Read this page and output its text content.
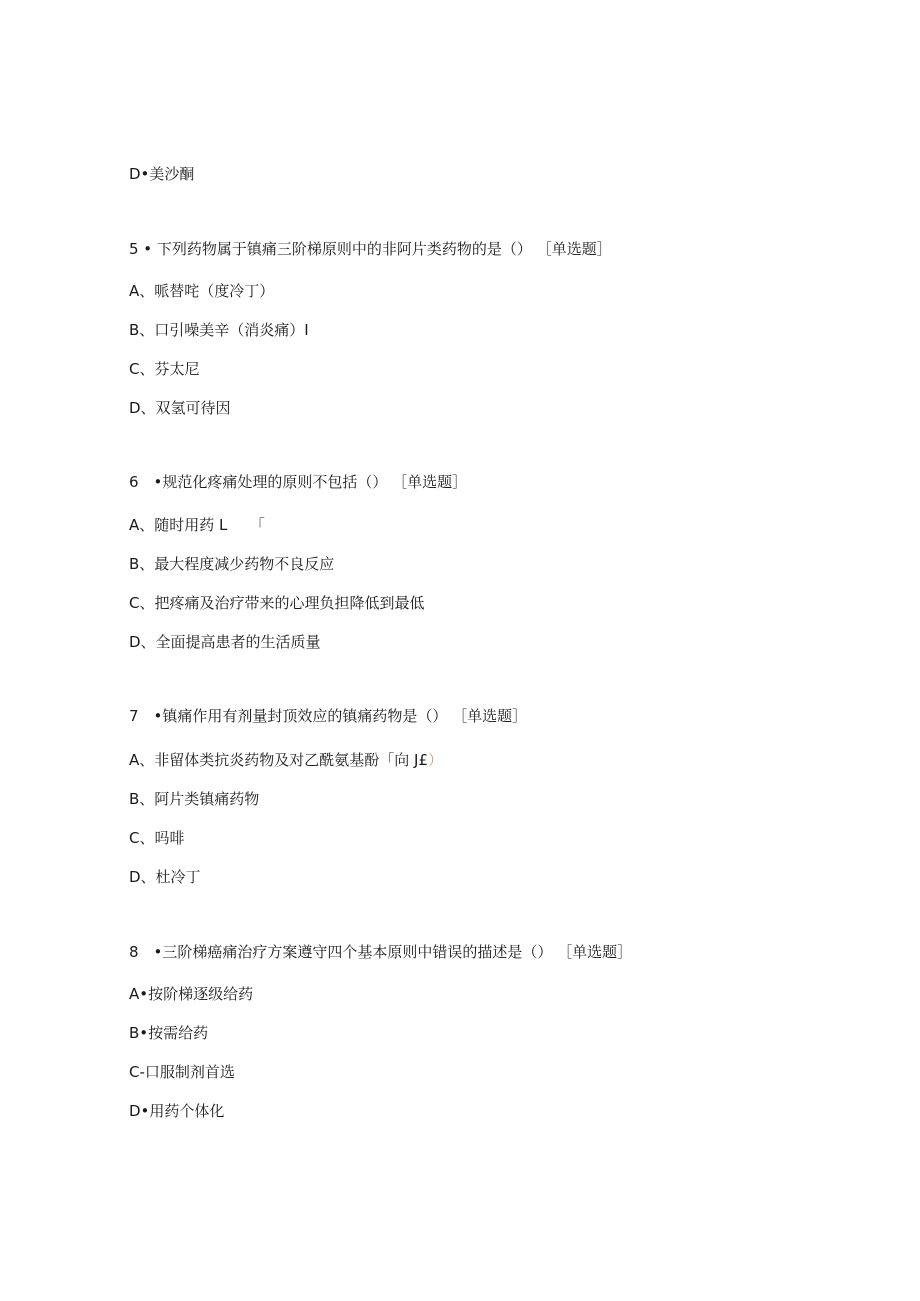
D•美沙酮
5 • 下列药物属于镇痛三阶梯原则中的非阿片类药物的是（） ［单选题］
A、哌替咤（度冷丁）
B、口引噪美辛（消炎痛）I
C、芬太尼
D、双氢可待因
6　•规范化疼痛处理的原则不包括（） ［单选题］
A、随时用药 L　　「
B、最大程度减少药物不良反应
C、把疼痛及治疗带来的心理负担降低到最低
D、全面提高患者的生活质量
7　•镇痛作用有剂量封顶效应的镇痛药物是（） ［单选题］
A、非留体类抗炎药物及对乙酰氨基酚「向 J£）
B、阿片类镇痛药物
C、吗啡
D、杜冷丁
8　•三阶梯癌痛治疗方案遵守四个基本原则中错误的描述是（） ［单选题］
A•按阶梯逐级给药
B•按需给药
C-口服制剂首选
D•用药个体化
